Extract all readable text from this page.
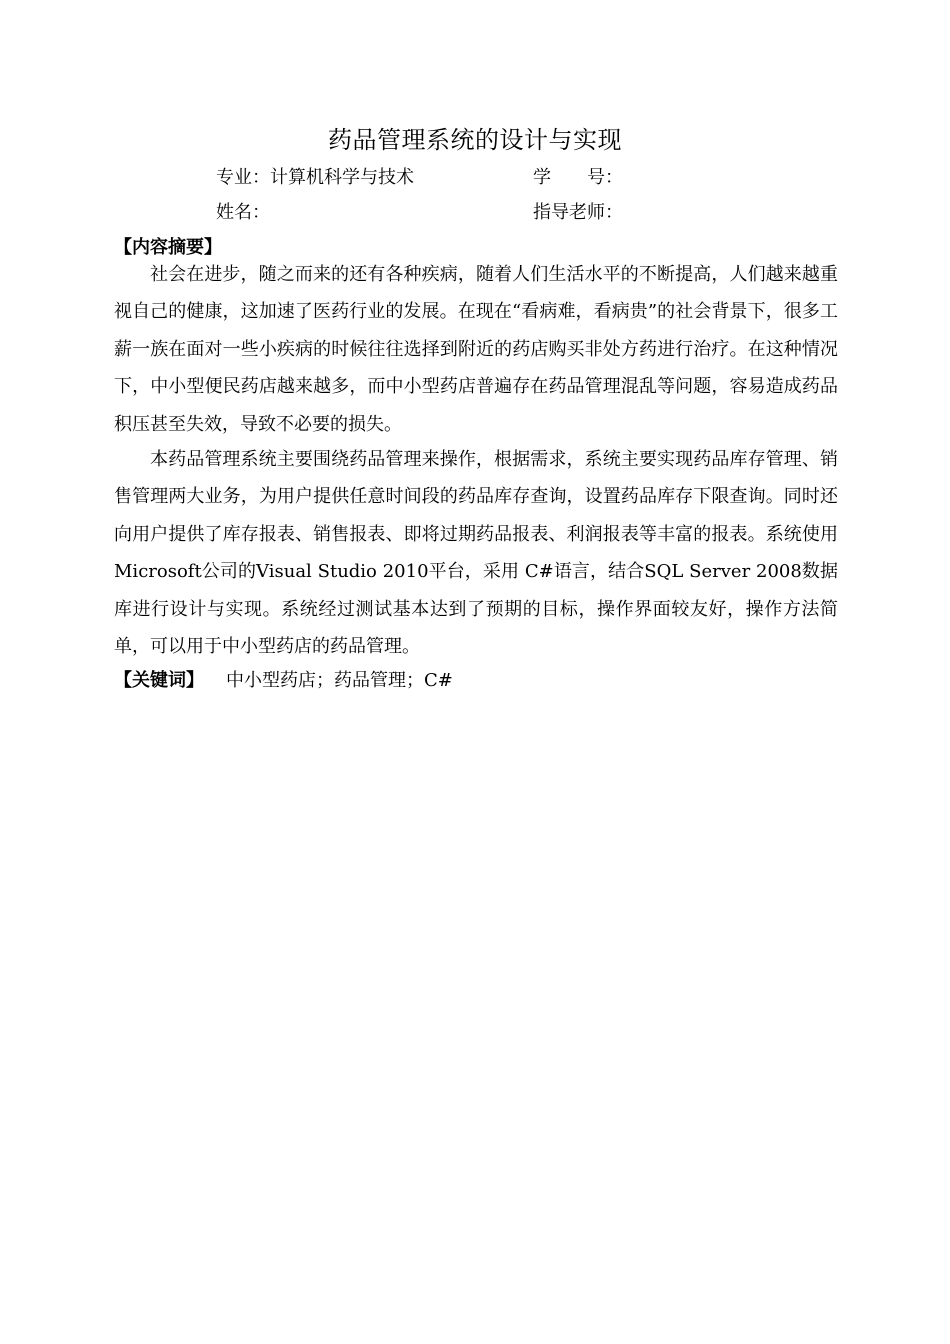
药品管理系统的设计与实现
专业：计算机科学与技术	学　　号：
姓名：	指导老师：
【内容摘要】

社会在进步，随之而来的还有各种疾病，随着人们生活水平的不断提高，人们越来越重视自己的健康，这加速了医药行业的发展。在现在“看病难，看病贵”的社会背景下，很多工薪一族在面对一些小疾病的时候往往选择到附近的药店购买非处方药进行治疗。在这种情况下，中小型便民药店越来越多，而中小型药店普遍存在药品管理混乱等问题，容易造成药品积压甚至失效，导致不必要的损失。

本药品管理系统主要围绕药品管理来操作，根据需求，系统主要实现药品库存管理、销售管理两大业务，为用户提供任意时间段的药品库存查询，设置药品库存下限查询。同时还向用户提供了库存报表、销售报表、即将过期药品报表、利润报表等丰富的报表。系统使用Microsoft公司的Visual Studio 2010平台，采用 C#语言，结合SQL Server 2008数据库进行设计与实现。系统经过测试基本达到了预期的目标，操作界面较友好，操作方法简单，可以用于中小型药店的药品管理。

【关键词】 中小型药店；药品管理；C#
